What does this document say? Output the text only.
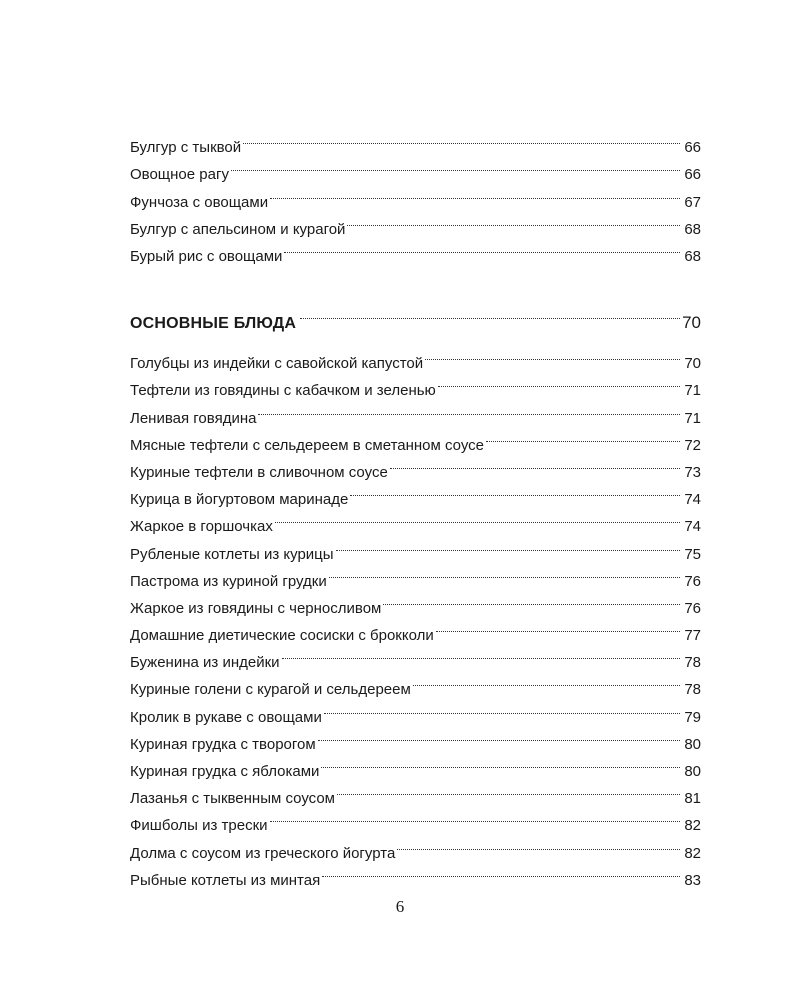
Булгур с тыквой	66
Овощное рагу	66
Фунчоза с овощами	67
Булгур с апельсином и курагой	68
Бурый рис с овощами	68
ОСНОВНЫЕ БЛЮДА	70
Голубцы из индейки с савойской капустой	70
Тефтели из говядины с кабачком и зеленью	71
Ленивая говядина	71
Мясные тефтели с сельдереем в сметанном соусе	72
Куриные тефтели в сливочном соусе	73
Курица в йогуртовом маринаде	74
Жаркое в горшочках	74
Рубленые котлеты из курицы	75
Пастрома из куриной грудки	76
Жаркое из говядины с черносливом	76
Домашние диетические сосиски с брокколи	77
Буженина из индейки	78
Куриные голени с курагой и сельдереем	78
Кролик в рукаве с овощами	79
Куриная грудка с творогом	80
Куриная грудка с яблоками	80
Лазанья с тыквенным соусом	81
Фишболы из трески	82
Долма с соусом из греческого йогурта	82
Рыбные котлеты из минтая	83
6
